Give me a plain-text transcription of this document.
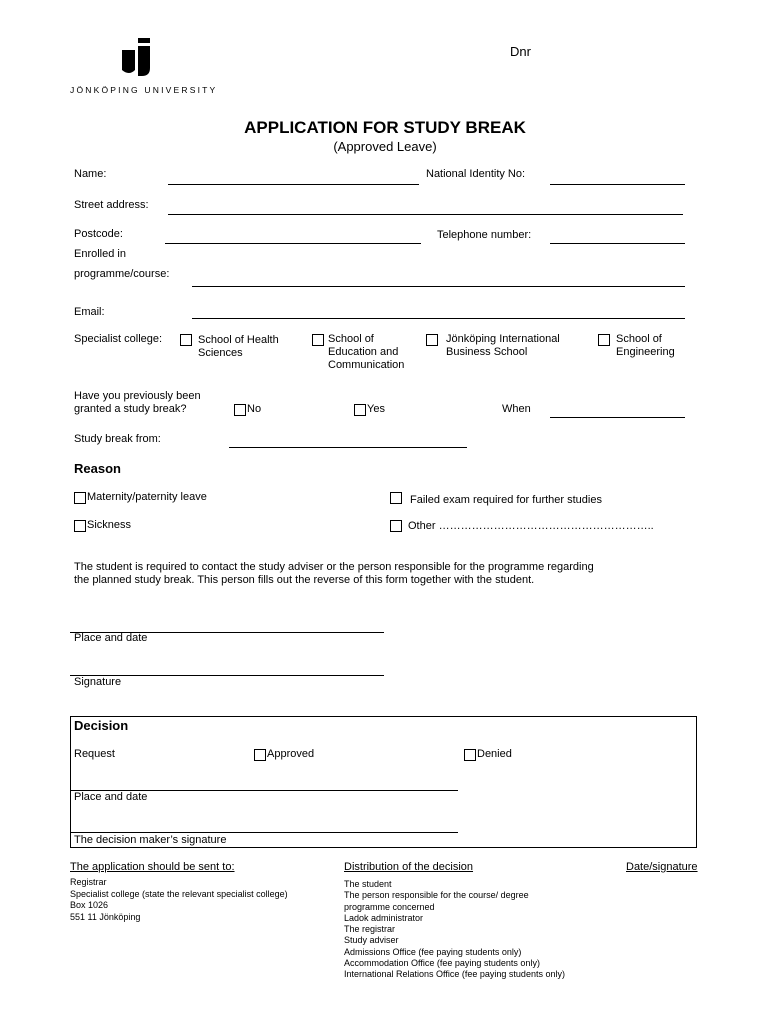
JÖNKÖPING UNIVERSITY
Dnr
APPLICATION FOR STUDY BREAK
(Approved Leave)
Name:	National Identity No:
Street address:
Postcode:	Telephone number:
Enrolled in
programme/course:
Email:
Specialist college:	School of Health
Sciences
School of
Education and
Communication
Jönköping International
Business School
School of
Engineering
Have you previously been
granted a study break?	No	Yes	When
Study break from:
Reason
Maternity/paternity leave
Sickness
Failed exam required for further studies
Other …………………………………………………..
The student is required to contact the study adviser or the person responsible for the programme regarding
the planned study break. This person fills out the reverse of this form together with the student.
Place and date
Signature
Decision
Request	Approved	Denied
Place and date
The decision maker’s signature
The application should be sent to:
Registrar
Specialist college (state the relevant specialist college)
Box 1026
551 11 Jönköping
Distribution of the decision	Date/signature
The student
The person responsible for the course/ degree
programme concerned
Ladok administrator
The registrar
Study adviser
Admissions Office (fee paying students only)
Accommodation Office (fee paying students only)
International Relations Office (fee paying students only)
